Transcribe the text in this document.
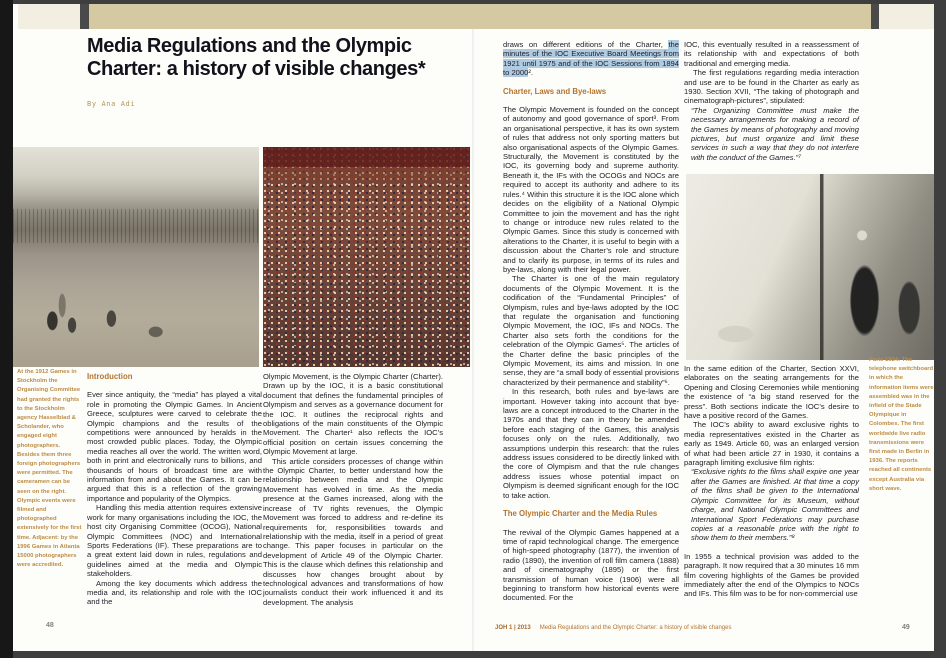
Media Regulations and the Olympic Charter: a history of visible changes*
By Ana Adi
At the 1912 Games in Stockholm the Organising Committee had granted the rights to the Stockholm agency Hasselblad & Scholander, who engaged eight photographers. Besides them three foreign photographers were permitted. The cameramen can be seen on the right. Olympic events were filmed and photographed extensively for the first time. Adjacent: by the 1996 Games in Atlanta 15000 photographers were accredited.
Introduction

Ever since antiquity, the “media” has played a vital role in promoting the Olympic Games. In Ancient Greece, sculptures were carved to celebrate the Olympic champions and the results of the competitions were announced by heralds in the most crowded public places. Today, the Olympic media reaches all over the world. The written word, both in print and electronically runs to billions, and thousands of hours of broadcast time are with information from and about the Games. It can be argued that this is a reflection of the growing importance and popularity of the Olympics.

Handling this media attention requires extensive work for many organisations including the IOC, the host city Organising Committee (OCOG), National Olympic Committees (NOC) and International Sports Federations (IF). These preparations are to a great extent laid down in rules, regulations and guidelines aimed at the media and Olympic stakeholders.

Among the key documents which address the media and, its relationship and role with the IOC and the

Olympic Movement, is the Olympic Charter (Charter). Drawn up by the IOC, it is a basic constitutional document that defines the fundamental principles of Olympism and serves as a governance document for the IOC. It outlines the reciprocal rights and obligations of the main constituents of the Olympic Movement. The Charter¹ also reflects the IOC’s official position on certain issues concerning the Olympic Movement at large.

This article considers processes of change within the Olympic Charter, to better understand how the relationship between media and the Olympic Movement has evolved in time. As the media presence at the Games increased, along with the increase of TV rights revenues, the Olympic Movement was forced to address and re-define its requirements for, responsibilities towards and relationship with the media, itself in a period of great change. This paper focuses in particular on the development of Article 49 of the Olympic Charter. This is the clause which defines this relationship and discusses how changes brought about by technological advances and transformations of how journalists conduct their work influenced it and its development. The analysis

48

draws on different editions of the Charter, the minutes of the IOC Executive Board Meetings from 1921 until 1975 and of the IOC Sessions from 1894 to 2000².

Charter, Laws and Bye-laws

The Olympic Movement is founded on the concept of autonomy and good governance of sport³. From an organisational perspective, it has its own system of rules that address not only sporting matters but also organisational aspects of the Olympic Games. Structurally, the Movement is constituted by the IOC, its governing body and supreme authority. Beneath it, the IFs with the OCOGs and NOCs are required to accept its authority and adhere to its rules.⁴ Within this structure it is the IOC alone which decides on the eligibility of a National Olympic Committee to join the movement and has the right to change or introduce new rules related to the Olympic Games. Since this study is concerned with alterations to the Charter, it is useful to begin with a discussion about the Charter’s role and structure and to clarify its purpose, in terms of its rules and bye-laws, along with their legal power.

The Charter is one of the main regulatory documents of the Olympic Movement. It is the codification of the “Fundamental Principles” of Olympism, rules and bye-laws adopted by the IOC that regulate the organisation and functioning Olympic Movement, the IOC, IFs and NOCs. The Charter also sets forth the conditions for the celebration of the Olympic Games⁵. The articles of the Charter define the basic principles of the Olympic Movement, its aims and mission. In one sense, they are “a small body of essential provisions characterized by their permanence and stability”⁶.

In this research, both rules and bye-laws are important. However taking into account that bye-laws are a concept introduced to the Charter in the 1970s and that they can in theory be amended before each staging of the Games, this analysis focuses only on the rules. Additionally, two assumptions underpin this research: that the rules address issues considered to be directly linked with the core of Olympism and that the rule changes address issues whose potential impact on Olympism is deemed significant enough for the IOC to take action.

The Olympic Charter and the Media Rules

The revival of the Olympic Games happened at a time of rapid technological change. The emergence of high-speed photography (1877), the invention of radio (1890), the invention of roll film camera (1888) and of cinematography (1895) or the first transmission of human voice (1906) were all beginning to transform how historical events were documented. For the

IOC, this eventually resulted in a reassessment of its relationship with and expectations of both traditional and emerging media.

The first regulations regarding media interaction and use are to be found in the Charter as early as 1930. Section XVII, “The taking of photograph and cinematograph-pictures”, stipulated:

“The Organizing Committee must make the necessary arrangements for making a record of the Games by means of photography and moving pictures, but must organize and limit these services in such a way that they do not interfere with the conduct of the Games.”⁷

In the same edition of the Charter, Section XXVI, elaborates on the seating arrangements for the Opening and Closing Ceremonies while mentioning the existence of “a big stand reserved for the press”. Both sections indicate the IOC’s desire to have a positive record of the Games.

The IOC’s ability to award exclusive rights to media representatives existed in the Charter as early as 1949. Article 60, was an enlarged version of what had been article 27 in 1930, it contains a paragraph limiting exclusive film rights:

“Exclusive rights to the films shall expire one year after the Games are finished. At that time a copy of the films shall be given to the International Olympic Committee for its Museum, without charge, and National Olympic Committees and International Sport Federations may purchase copies at a reasonable price with the right to show them to their members.”⁸

In 1955 a technical provision was added to the paragraph. It now required that a 30 minutes 16 mm film covering highlights of the Games be provided immediately after the end of the Olympics to NOCs and IFs. This film was to be for non-commercial use

Paris 1924: The telephone switchboard in which the information items were assembled was in the infield of the Stade Olympique in Colombes. The first worldwide live radio transmissions were first made in Berlin in 1936. The reports reached all continents except Australia via short wave.
JOH 1 | 2013 Media Regulations and the Olympic Charter: a history of visible changes	49
